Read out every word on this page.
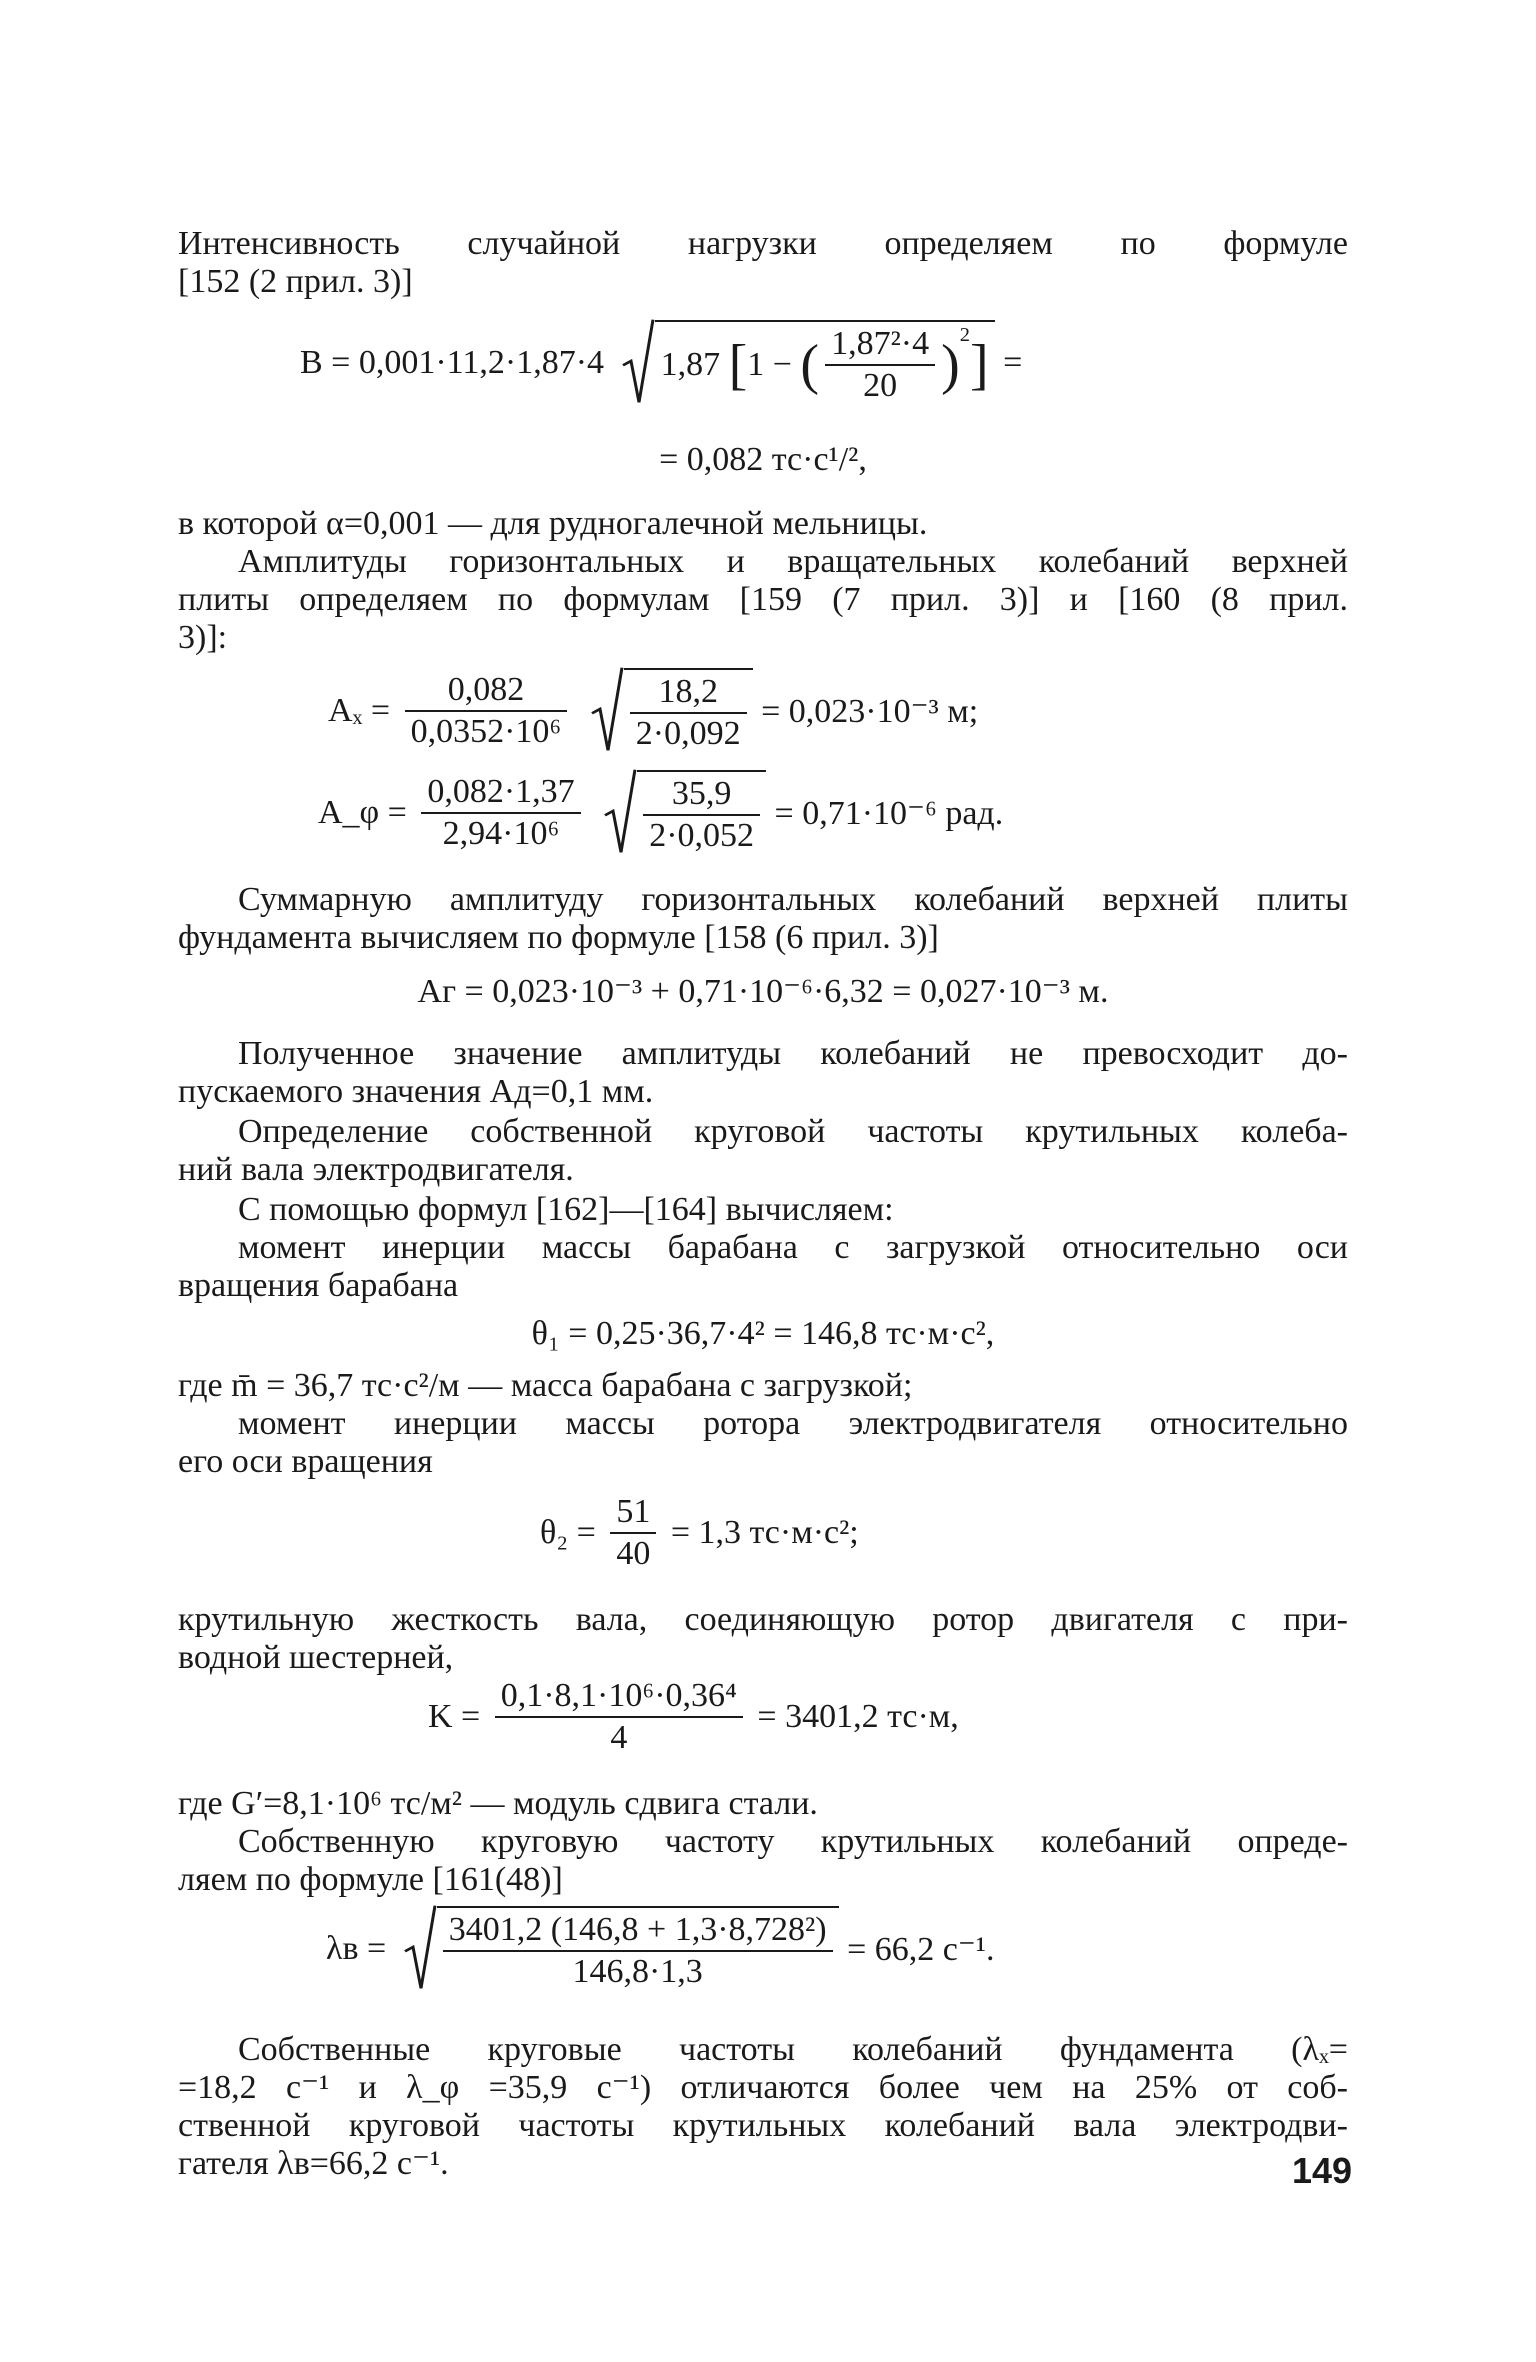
Интенсивность случайной нагрузки определяем по формуле
[152 (2 прил. 3)]
B = 0,001·11,2·1,87·4 1,87 [1 − ( $\frac{\text{1,87²·4}}{20} )^2$] =
= 0,082 тс·с¹/²,
в которой α=0,001 — для рудногалечной мельницы.
Амплитуды горизонтальных и вращательных колебаний верхней
плиты определяем по формулам [159 (7 прил. 3)] и [160 (8 прил.
3)]:
$A_x = \frac{0,082}{\text{0,0352·10⁶}}$
$\frac{18,2}{2\cdot 0,092} = 0,023\cdot 10^{-3}$ м;
A_φ = $\frac{0,082\cdot 1,37}{\text{2,94·10⁶}}$
$\frac{35,9}{2\cdot 0,052} = 0,71\cdot 10^{-6}$ рад.
Суммарную амплитуду горизонтальных колебаний верхней плиты
фундамента вычисляем по формуле [158 (6 прил. 3)]
Aг = 0,023·10⁻³ + 0,71·10⁻⁶·6,32 = 0,027·10⁻³ м.
Полученное значение амплитуды колебаний не превосходит до-
пускаемого значения Aд=0,1 мм.
Определение собственной круговой частоты крутильных колеба-
ний вала электродвигателя.
С помощью формул [162]—[164] вычисляем:
момент инерции массы барабана с загрузкой относительно оси
вращения барабана
θ₁ = 0,25·36,7·4² = 146,8 тс·м·с²,
где m̄ = 36,7 тс·с²/м — масса барабана с загрузкой;
момент инерции массы ротора электродвигателя относительно
его оси вращения
$\theta_2 = \frac{51}{40} = 1,3$ тс·м·с²;
крутильную жесткость вала, соединяющую ротор двигателя с при-
водной шестерней,
$K = \frac{\text{0,1·8,1·10⁶·0,36⁴}}{4} = 3401,2$ тс·м,
где G′=8,1·10⁶ тс/м² — модуль сдвига стали.
Собственную круговую частоту крутильных колебаний опреде-
ляем по формуле [161(48)]
$\lambda в = \frac{\text{3401,2 (146,8 + 1,3·8,728²)}}{146,8\cdot 1,3} = 66,2$ с⁻¹.
Собственные круговые частоты колебаний фундамента (λₓ=
=18,2 с⁻¹ и λ_φ =35,9 с⁻¹) отличаются более чем на 25% от соб-
ственной круговой частоты крутильных колебаний вала электродви-
гателя λв=66,2 с⁻¹.	149
